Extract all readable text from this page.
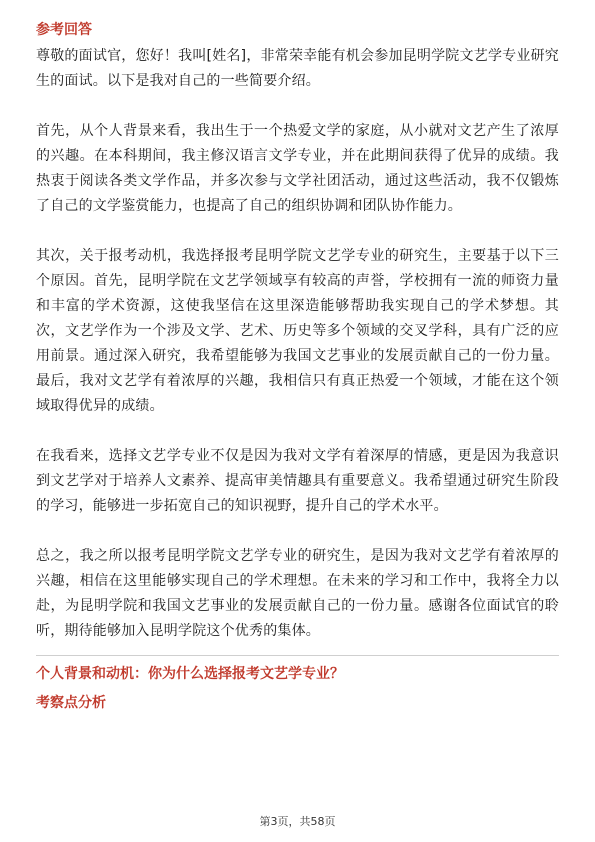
参考回答

尊敬的面试官，您好！我叫[姓名]，非常荣幸能有机会参加昆明学院文艺学专业研究生的面试。以下是我对自己的一些简要介绍。

首先，从个人背景来看，我出生于一个热爱文学的家庭，从小就对文艺产生了浓厚的兴趣。在本科期间，我主修汉语言文学专业，并在此期间获得了优异的成绩。我热衷于阅读各类文学作品，并多次参与文学社团活动，通过这些活动，我不仅锻炼了自己的文学鉴赏能力，也提高了自己的组织协调和团队协作能力。

其次，关于报考动机，我选择报考昆明学院文艺学专业的研究生，主要基于以下三个原因。首先，昆明学院在文艺学领域享有较高的声誉，学校拥有一流的师资力量和丰富的学术资源，这使我坚信在这里深造能够帮助我实现自己的学术梦想。其次，文艺学作为一个涉及文学、艺术、历史等多个领域的交叉学科，具有广泛的应用前景。通过深入研究，我希望能够为我国文艺事业的发展贡献自己的一份力量。最后，我对文艺学有着浓厚的兴趣，我相信只有真正热爱一个领域，才能在这个领域取得优异的成绩。

在我看来，选择文艺学专业不仅是因为我对文学有着深厚的情感，更是因为我意识到文艺学对于培养人文素养、提高审美情趣具有重要意义。我希望通过研究生阶段的学习，能够进一步拓宽自己的知识视野，提升自己的学术水平。

总之，我之所以报考昆明学院文艺学专业的研究生，是因为我对文艺学有着浓厚的兴趣，相信在这里能够实现自己的学术理想。在未来的学习和工作中，我将全力以赴，为昆明学院和我国文艺事业的发展贡献自己的一份力量。感谢各位面试官的聆听，期待能够加入昆明学院这个优秀的集体。

个人背景和动机：你为什么选择报考文艺学专业？

考察点分析

第3页，共58页
